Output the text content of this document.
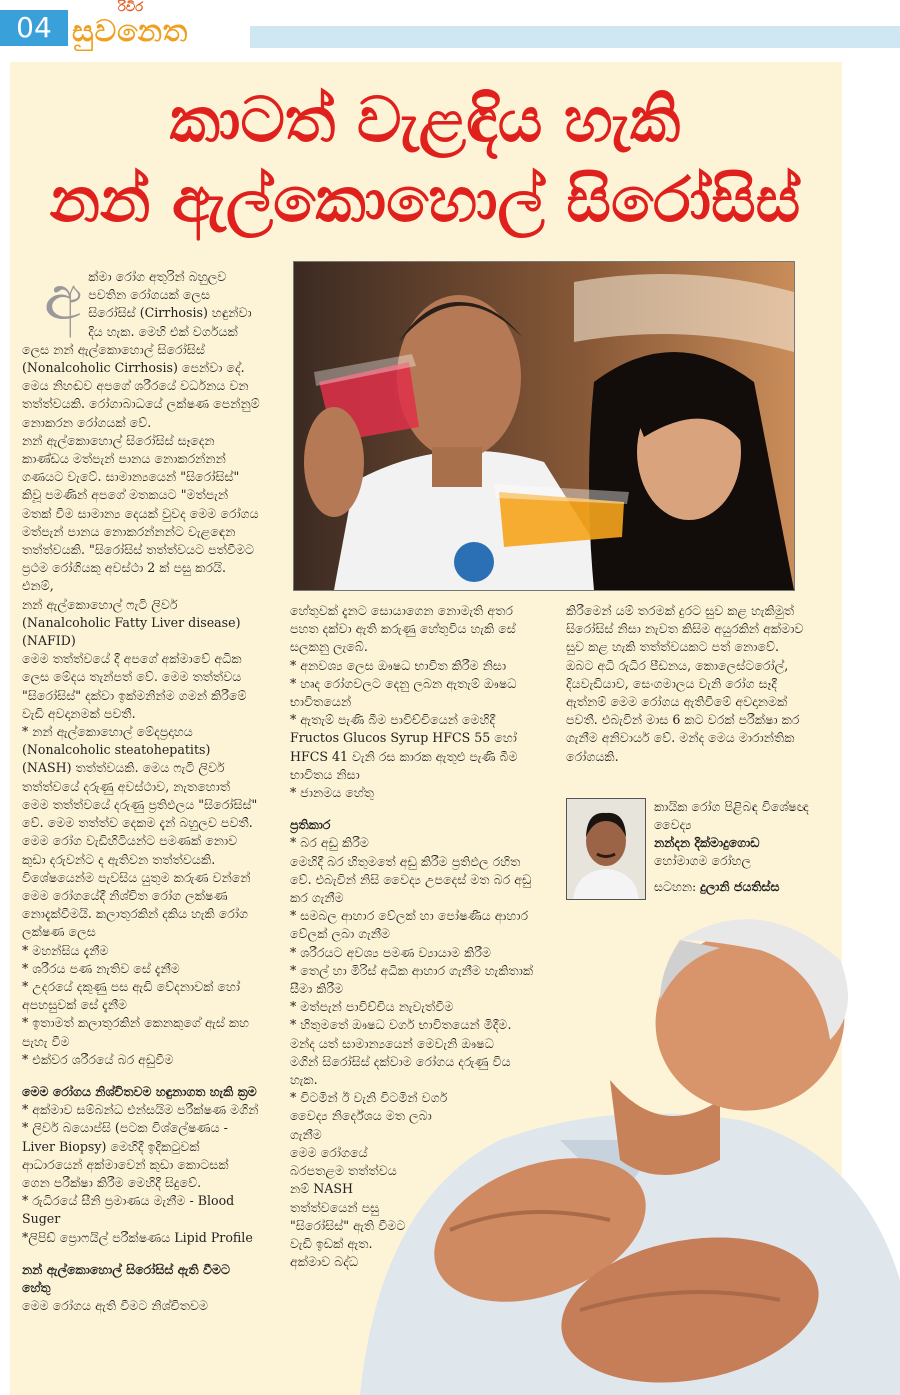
04
රිවිර
සුවනෙත
කාටත් වැළඳිය හැකි
නන් ඇල්කොහොල් සිරෝසිස්
අ ක්මා රෝග අතුරින් බහුලව පවතින රෝගයක් ලෙස සිරෝසිස් (Cirrhosis) හඳුන්වා දිය හැක. මෙහි එක් වර්ගයක් ලෙස නන් ඇල්කොහොල් සිරෝසිස් (Nonalcoholic Cirrhosis) පෙන්වා දේ. මෙය නිහඬව අපගේ ශරීරයේ වර්ධනය වන තත්ත්වයකි. රෝගාබාධයේ ලක්ෂණ පෙන්නුම් නොකරන රෝගයක් වේ.

නන් ඇල්කොහොල් සිරෝසිස් සෑදෙන කාණ්ඩය මත්පැන් පානය නොකරන්නන් ගණයට වැටේ. සාමාන්‍යයෙන් "සිරෝසිස්" කිවූ පමණින් අපගේ මතකයට "මත්පැන් මතක් වීම සාමාන්‍ය දෙයක් වුවද මෙම රෝගය මත්පැන් පානය නොකරන්නන්ට වැළඳෙන තත්ත්වයකි. "සිරෝසිස් තත්ත්වයට පත්වීමට ප්‍රථම රෝගියකු අවස්ථා 2 ක් පසු කරයි. එනම්,

නන් ඇල්කොහොල් ෆැටි ලිවර් (Nanalcoholic Fatty Liver disease) (NAFID)

මෙම තත්ත්වයේ දී අපගේ අක්මාවේ අධික ලෙස මේදය තැන්පත් වේ. මෙම තත්ත්වය "සිරෝසිස්" දක්වා ඉක්මනින්ම ගමන් කිරීමේ වැඩි අවදානමක් පවතී.

* නන් ඇල්කොහොල් මේදප්‍රදාහය (Nonalcoholic steatohepatits) (NASH) තත්ත්වයකි. මෙය ෆැටි ලිවර් තත්ත්වයේ දරුණු අවස්ථාව, නැතහොත් මෙම තත්ත්වයේ දරුණු ප්‍රතිඵලය "සිරෝසිස්" වේ. මෙම තත්ත්ව දෙකම දැන් බහුලව පවතී. මෙම රෝග වැඩිහිටියන්ට පමණක් නොව කුඩා දරුවන්ට ද ඇතිවන තත්ත්වයකි. විශේෂයෙන්ම පැවසිය යුතුම කරුණ වන්නේ මෙම රෝගයේදී නිශ්චිත රෝග ලක්ෂණ නොදැක්වීමයි. කලාතුරකින් දකිය හැකි රෝග ලක්ෂණ ලෙස

* මහන්සිය දැනීම

* ශරීරය පණ නැතිව සේ දැනීම

* උදරයේ දකුණු පස ඇඩි වේදනාවක් හෝ අපහසුවක් සේ දැනීම

* ඉතාමත් කලාතුරකින් කෙනකුගේ ඇස් කහ පැහැ වීම

* එක්වර ශරීරයේ බර අඩුවීම

මෙම රෝගය නිශ්චිතවම හඳුනාගත හැකි ක්‍රම

* අක්මාව සම්බන්ධ එන්සයිම පරීක්ෂණ මගින්

* ලිවර් බයොප්සි (පටක විශ්ලේෂණය - Liver Biopsy) මෙහිදී ඉදිකටුවක් ආධාරයෙන් අක්මාවෙන් කුඩා කොටසක් ගෙන පරීක්ෂා කිරීම මෙහිදී සිදුවේ.

* රුධිරයේ සීනි ප්‍රමාණය මැනීම - Blood Suger

*ලිපිඩ් ප්‍රොෆයිල් පරීක්ෂණය Lipid Profile

නන් ඇල්කොහොල් සිරෝසිස් ඇති වීමට හේතු

මෙම රෝගය ඇති වීමට නිශ්චිතවම

හේතුවක් දැනට සොයාගෙන නොමැති අතර පහත දක්වා ඇති කරුණු හේතුවිය හැකි සේ සලකනු ලැබේ.

* අනවශ්‍ය ලෙස ඖෂධ භාවිත කිරීම නිසා

* හෘද රෝගවලට දෙනු ලබන ඇතැම් ඖෂධ භාවිතයෙන්

* ඇතැම් පැණි බීම පාවිච්චියෙන් මෙහිදී Fructos Glucos Syrup HFCS 55 හෝ HFCS 41 වැනි රස කාරක ඇතුළු පැණි බීම භාවිතය නිසා

* ජානමය හේතු

ප්‍රතිකාර

* බර අඩු කිරීම

මෙහිදී බර හිතුමතේ අඩු කිරීම ප්‍රතිඵල රහිත වේ. එබැවින් නිසි වෛද්‍ය උපදෙස් මත බර අඩු කර ගැනීම

* සමබල ආහාර වේලක් හා පෝෂණීය ආහාර වේලක් ලබා ගැනීම

* ශරීරයට අවශ්‍ය පමණ ව්‍යායාම කිරීම

* තෙල් හා මිරිස් අධික ආහාර ගැනීම හැකිතාක් සීමා කිරීම

* මත්පැන් පාවිච්චිය නැවැත්වීම

* හිතුමතේ ඖෂධ වර්ග භාවිතයෙන් මිදීම. මන්ද යත් සාමාන්‍යයෙන් මෙවැනි ඖෂධ මගින් සිරෝසිස් දක්වාම රෝගය දරුණු විය හැක.

* විටමින් ඊ වැනි විටමින් වර්ග වෛද්‍ය නිර්දේශය මත ලබා ගැනීම

මෙම රෝගයේ බරපතළම තත්ත්වය නම් NASH තත්ත්වයෙන් පසු "සිරෝසිස්" ඇති වීමට වැඩි ඉඩක් ඇත. අක්මාව බද්ධ

කිරීමෙන් යම් තරමක් දුරට සුව කළ හැකිමුත් සිරෝසිස් නිසා නැවත කිසිම අයුරකින් අක්මාව සුව කළ හැකි තත්ත්වයකට පත් නොවේ. ඔබට අධි රුධිර පීඩනය, කොලෙස්ටරෝල්, දියවැඩියාව, සෙංගමාලය වැනි රෝග සෑදී ඇත්නම් මෙම රෝගය ඇතිවීමේ අවදානමක් පවතී. එබැවින් මාස 6 කට වරක් පරීක්ෂා කර ගැනීම අනිවාර්ය වේ. මන්ද මෙය මාරාන්තික රෝගයකි.

කායික රෝග පිළිබඳ විශේෂඥ වෛද්‍ය
නන්දන දික්මාදුගොඩ
හෝමාගම රෝහල
සටහන: දුලානි ජයතිස්ස
